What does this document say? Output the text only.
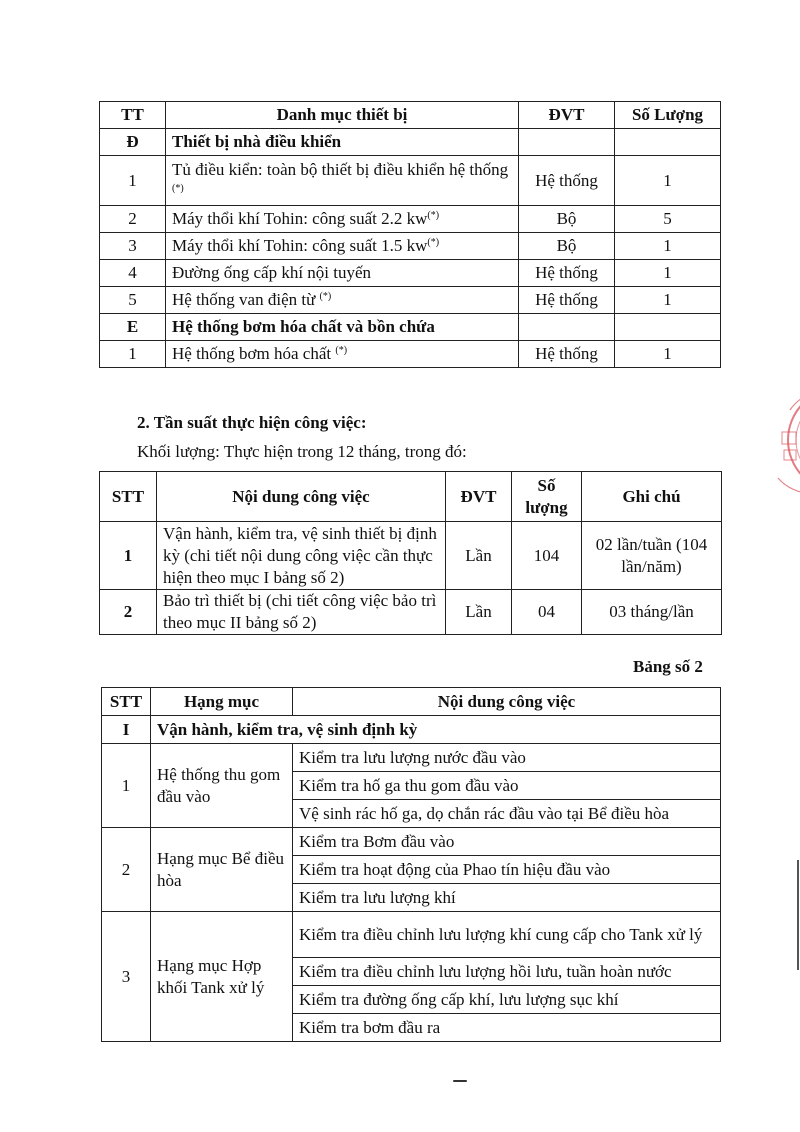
TT	Danh mục thiết bị	ĐVT	Số Lượng
Đ	Thiết bị nhà điều khiển		
1	Tủ điều kiển: toàn bộ thiết bị điều khiển hệ thống (*)	Hệ thống	1
2	Máy thổi khí Tohin: công suất 2.2 kw(*)	Bộ	5
3	Máy thổi khí Tohin: công suất 1.5 kw(*)	Bộ	1
4	Đường ống cấp khí nội tuyến	Hệ thống	1
5	Hệ thống van điện từ (*)	Hệ thống	1
E	Hệ thống bơm hóa chất và bồn chứa		
1	Hệ thống bơm hóa chất (*)	Hệ thống	1
2. Tần suất thực hiện công việc:
Khối lượng: Thực hiện trong 12 tháng, trong đó:
STT	Nội dung công việc	ĐVT	Số lượng	Ghi chú
1	Vận hành, kiểm tra, vệ sinh thiết bị định kỳ (chi tiết nội dung công việc cần thực hiện theo mục I bảng số 2)	Lần	104	02 lần/tuần (104 lần/năm)
2	Bảo trì thiết bị (chi tiết công việc bảo trì theo mục II bảng số 2)	Lần	04	03 tháng/lần
Bảng số 2
STT	Hạng mục	Nội dung công việc
I	Vận hành, kiểm tra, vệ sinh định kỳ	
1	Hệ thống thu gom đầu vào	Kiểm tra lưu lượng nước đầu vào
		Kiểm tra hố ga thu gom đầu vào
		Vệ sinh rác hố ga, dọ chắn rác đầu vào tại Bể điều hòa
2	Hạng mục Bể điều hòa	Kiểm tra Bơm đầu vào
		Kiểm tra hoạt động của Phao tín hiệu đầu vào
		Kiểm tra lưu lượng khí
3	Hạng mục Hợp khối Tank xử lý	Kiểm tra điều chỉnh lưu lượng khí cung cấp cho Tank xử lý
		Kiểm tra điều chỉnh lưu lượng hồi lưu, tuần hoàn nước
		Kiểm tra đường ống cấp khí, lưu lượng sục khí
		Kiểm tra bơm đầu ra
